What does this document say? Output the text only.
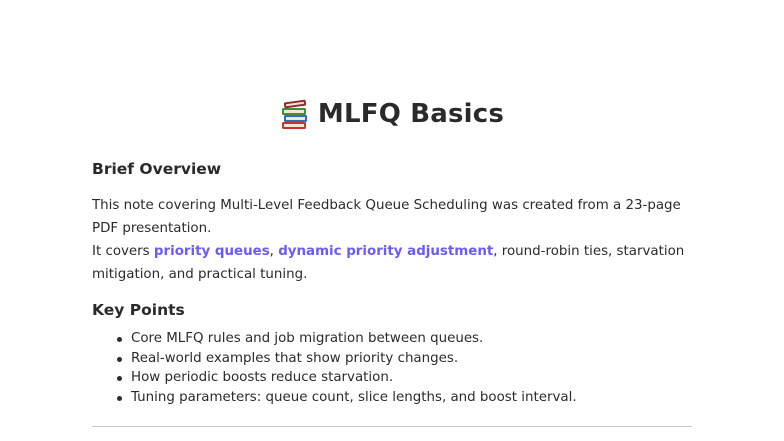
MLFQ Basics
Brief Overview

This note covering Multi-Level Feedback Queue Scheduling was created from a 23-page PDF presentation.
It covers priority queues, dynamic priority adjustment, round-robin ties, starvation mitigation, and practical tuning.

Key Points
Core MLFQ rules and job migration between queues.
Real-world examples that show priority changes.
How periodic boosts reduce starvation.
Tuning parameters: queue count, slice lengths, and boost interval.
